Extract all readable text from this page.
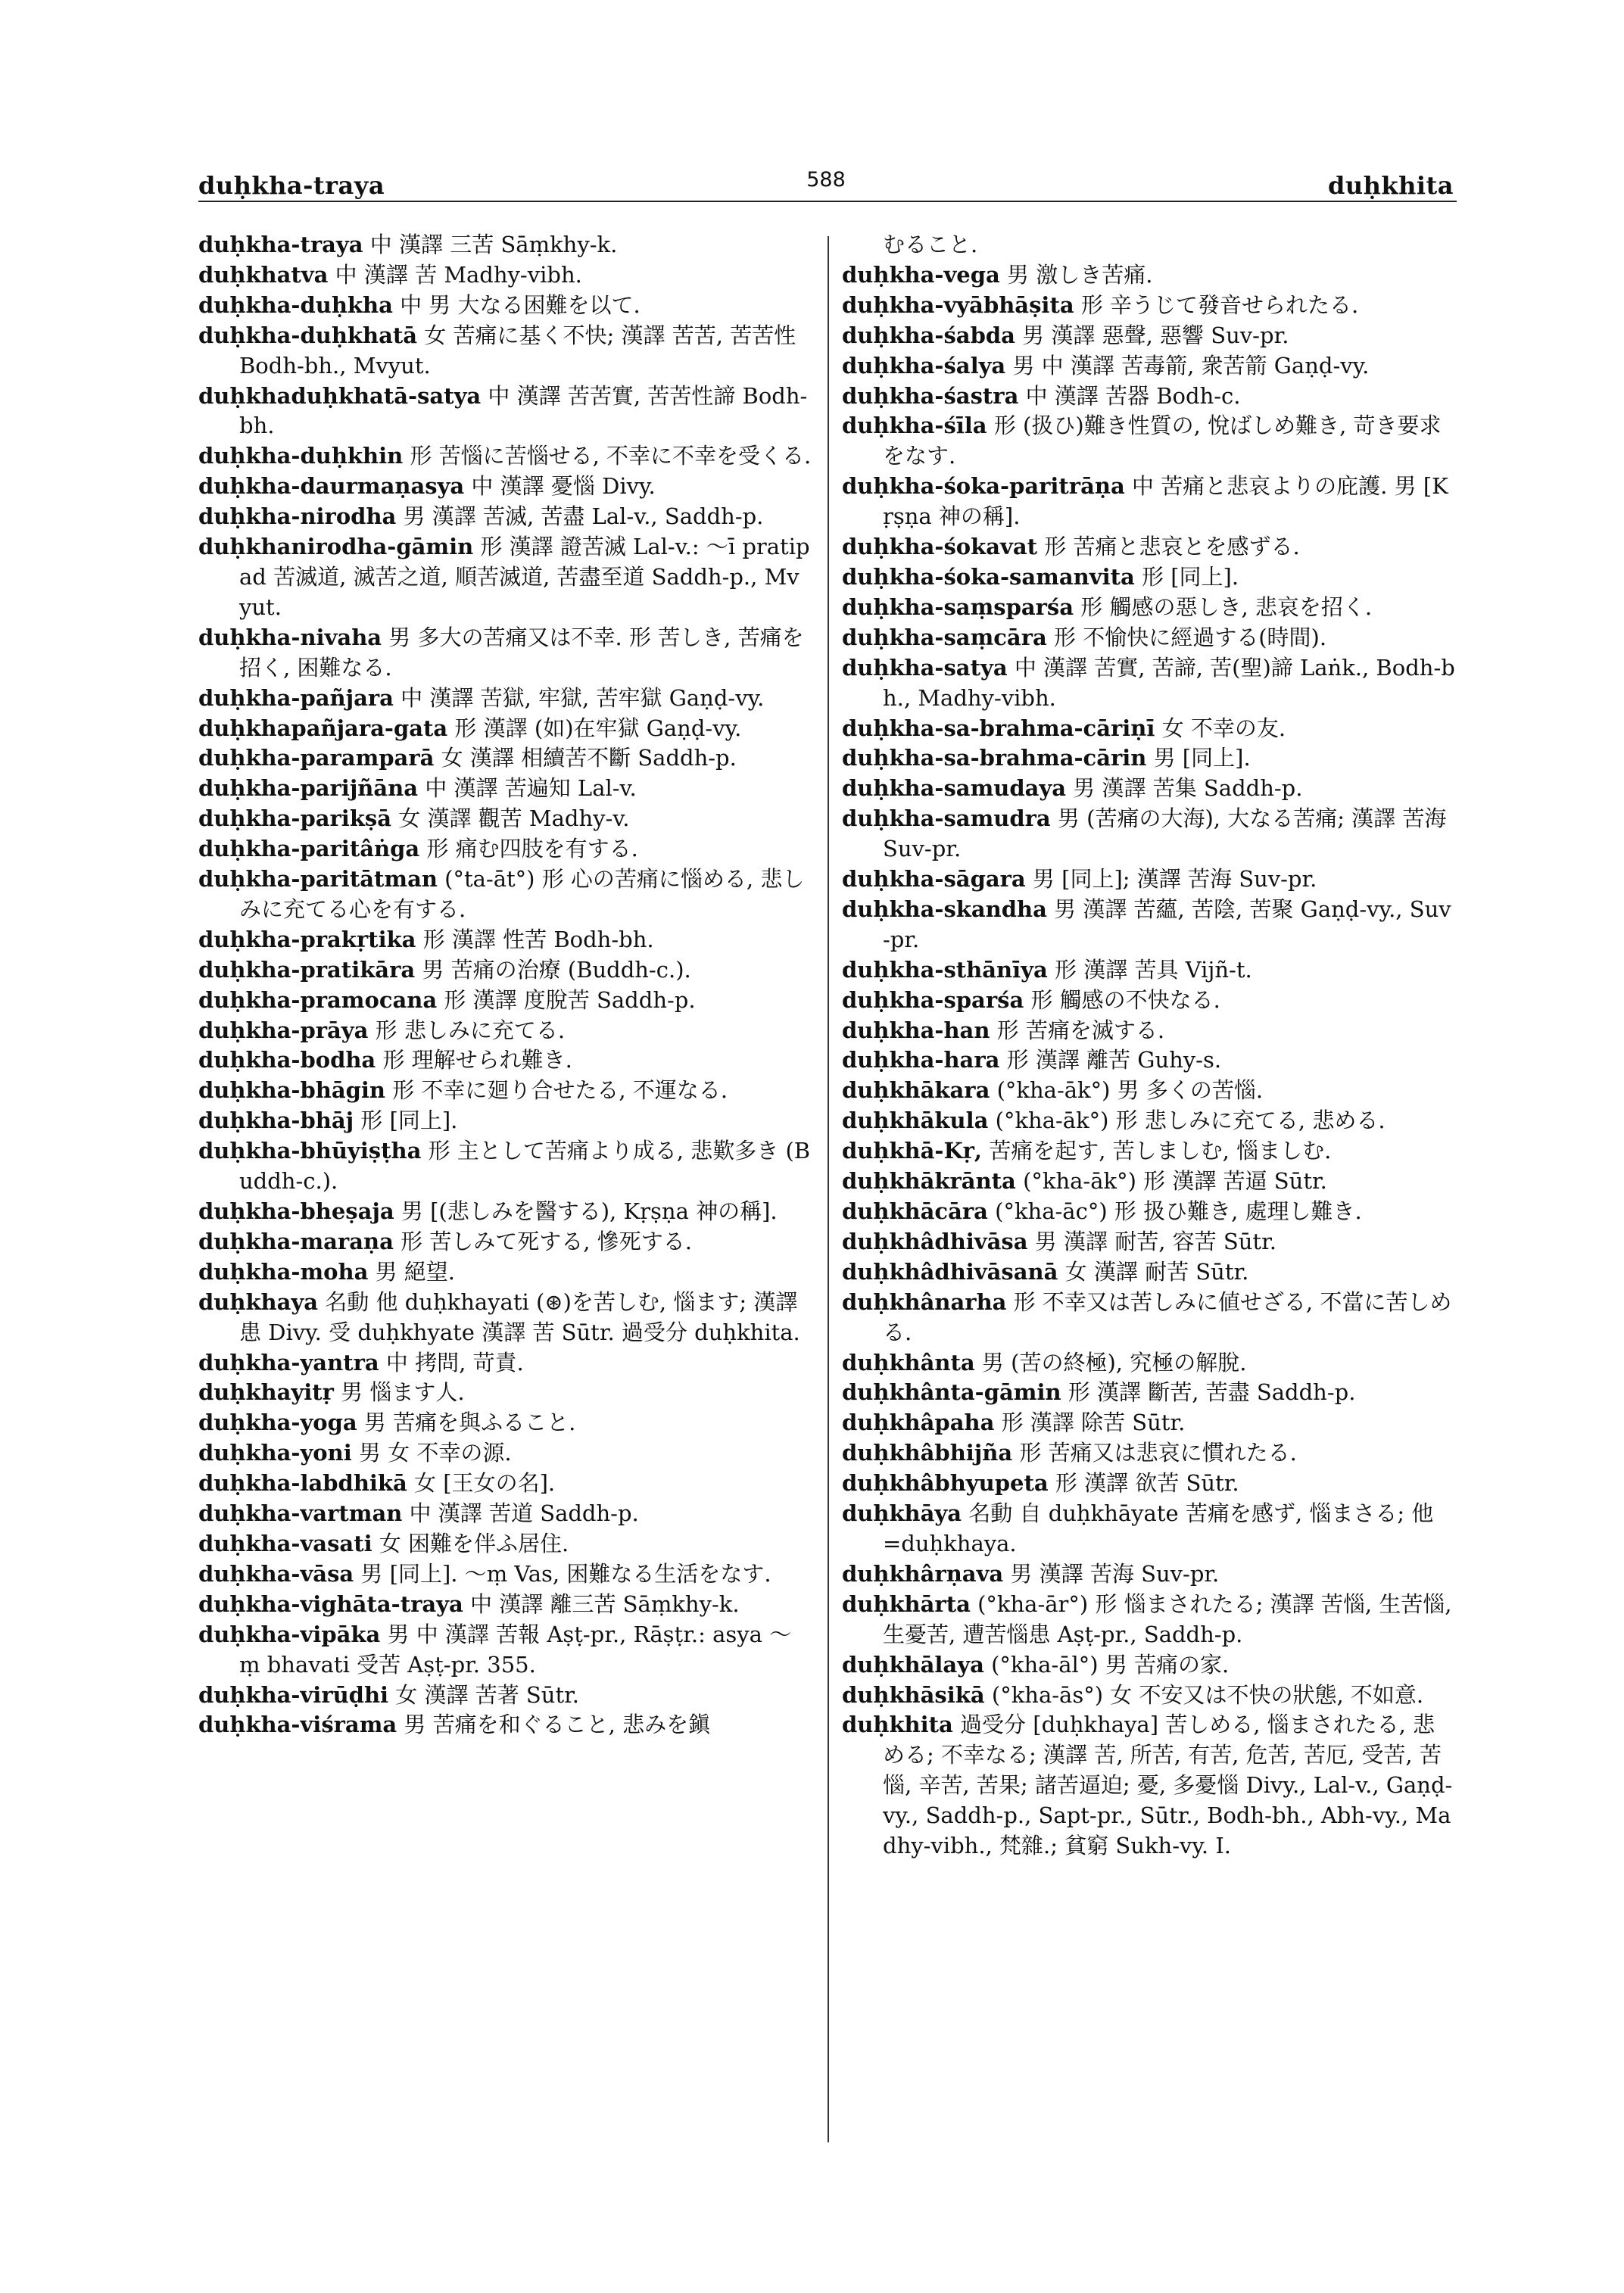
duḥkha-traya	588	duḥkhita

duḥkha-traya 中 漢譯 三苦 Sāṃkhy-k.

duḥkhatva 中 漢譯 苦 Madhy-vibh.

duḥkha-duḥkha 中 男 大なる困難を以て.

duḥkha-duḥkhatā 女 苦痛に基く不快; 漢譯 苦苦, 苦苦性 Bodh-bh., Mvyut.

duḥkhaduḥkhatā-satya 中 漢譯 苦苦實, 苦苦性諦 Bodh-bh.

duḥkha-duḥkhin 形 苦惱に苦惱せる, 不幸に不幸を受くる.

duḥkha-daurmaṇasya 中 漢譯 憂惱 Divy.

duḥkha-nirodha 男 漢譯 苦滅, 苦盡 Lal-v., Saddh-p.

duḥkhanirodha-gāmin 形 漢譯 證苦滅 Lal-v.: ～ī pratipad 苦滅道, 滅苦之道, 順苦滅道, 苦盡至道 Saddh-p., Mvyut.

duḥkha-nivaha 男 多大の苦痛又は不幸. 形 苦しき, 苦痛を招く, 困難なる.

duḥkha-pañjara 中 漢譯 苦獄, 牢獄, 苦牢獄 Gaṇḍ-vy.

duḥkhapañjara-gata 形 漢譯 (如)在牢獄 Gaṇḍ-vy.

duḥkha-paramparā 女 漢譯 相續苦不斷 Saddh-p.

duḥkha-parijñāna 中 漢譯 苦遍知 Lal-v.

duḥkha-parikṣā 女 漢譯 觀苦 Madhy-v.

duḥkha-paritâṅga 形 痛む四肢を有する.

duḥkha-paritātman (°ta-āt°) 形 心の苦痛に惱める, 悲しみに充てる心を有する.

duḥkha-prakṛtika 形 漢譯 性苦 Bodh-bh.

duḥkha-pratikāra 男 苦痛の治療 (Buddh-c.).

duḥkha-pramocana 形 漢譯 度脫苦 Saddh-p.

duḥkha-prāya 形 悲しみに充てる.

duḥkha-bodha 形 理解せられ難き.

duḥkha-bhāgin 形 不幸に廻り合せたる, 不運なる.

duḥkha-bhāj 形 [同上].

duḥkha-bhūyiṣṭha 形 主として苦痛より成る, 悲歎多き (Buddh-c.).

duḥkha-bheṣaja 男 [(悲しみを醫する), Kṛṣṇa 神の稱].

duḥkha-maraṇa 形 苦しみて死する, 慘死する.

duḥkha-moha 男 絕望.

duḥkhaya 名動 他 duḥkhayati (⊛)を苦しむ, 惱ます; 漢譯 患 Divy. 受 duḥkhyate 漢譯 苦 Sūtr. 過受分 duḥkhita.

duḥkha-yantra 中 拷問, 苛責.

duḥkhayitṛ 男 惱ます人.

duḥkha-yoga 男 苦痛を與ふること.

duḥkha-yoni 男 女 不幸の源.

duḥkha-labdhikā 女 [王女の名].

duḥkha-vartman 中 漢譯 苦道 Saddh-p.

duḥkha-vasati 女 困難を伴ふ居住.

duḥkha-vāsa 男 [同上]. ～ṃ Vas, 困難なる生活をなす.

duḥkha-vighāta-traya 中 漢譯 離三苦 Sāṃkhy-k.

duḥkha-vipāka 男 中 漢譯 苦報 Aṣṭ-pr., Rāṣṭr.: asya ～ṃ bhavati 受苦 Aṣṭ-pr. 355.

duḥkha-virūḍhi 女 漢譯 苦著 Sūtr.

duḥkha-viśrama 男 苦痛を和ぐること, 悲みを鎭

むること.

duḥkha-vega 男 激しき苦痛.

duḥkha-vyābhāṣita 形 辛うじて發音せられたる.

duḥkha-śabda 男 漢譯 惡聲, 惡響 Suv-pr.

duḥkha-śalya 男 中 漢譯 苦毒箭, 衆苦箭 Gaṇḍ-vy.

duḥkha-śastra 中 漢譯 苦器 Bodh-c.

duḥkha-śīla 形 (扱ひ)難き性質の, 悅ばしめ難き, 苛き要求をなす.

duḥkha-śoka-paritrāṇa 中 苦痛と悲哀よりの庇護. 男 [Kṛṣṇa 神の稱].

duḥkha-śokavat 形 苦痛と悲哀とを感ずる.

duḥkha-śoka-samanvita 形 [同上].

duḥkha-saṃsparśa 形 觸感の惡しき, 悲哀を招く.

duḥkha-saṃcāra 形 不愉快に經過する(時間).

duḥkha-satya 中 漢譯 苦實, 苦諦, 苦(聖)諦 Laṅk., Bodh-bh., Madhy-vibh.

duḥkha-sa-brahma-cāriṇī 女 不幸の友.

duḥkha-sa-brahma-cārin 男 [同上].

duḥkha-samudaya 男 漢譯 苦集 Saddh-p.

duḥkha-samudra 男 (苦痛の大海), 大なる苦痛; 漢譯 苦海 Suv-pr.

duḥkha-sāgara 男 [同上]; 漢譯 苦海 Suv-pr.

duḥkha-skandha 男 漢譯 苦蘊, 苦陰, 苦聚 Gaṇḍ-vy., Suv-pr.

duḥkha-sthānīya 形 漢譯 苦具 Vijñ-t.

duḥkha-sparśa 形 觸感の不快なる.

duḥkha-han 形 苦痛を滅する.

duḥkha-hara 形 漢譯 離苦 Guhy-s.

duḥkhākara (°kha-āk°) 男 多くの苦惱.

duḥkhākula (°kha-āk°) 形 悲しみに充てる, 悲める.

duḥkhā-Kṛ, 苦痛を起す, 苦しましむ, 惱ましむ.

duḥkhākrānta (°kha-āk°) 形 漢譯 苦逼 Sūtr.

duḥkhācāra (°kha-āc°) 形 扱ひ難き, 處理し難き.

duḥkhâdhivāsa 男 漢譯 耐苦, 容苦 Sūtr.

duḥkhâdhivāsanā 女 漢譯 耐苦 Sūtr.

duḥkhânarha 形 不幸又は苦しみに値せざる, 不當に苦しめる.

duḥkhânta 男 (苦の終極), 究極の解脫.

duḥkhânta-gāmin 形 漢譯 斷苦, 苦盡 Saddh-p.

duḥkhâpaha 形 漢譯 除苦 Sūtr.

duḥkhâbhijña 形 苦痛又は悲哀に慣れたる.

duḥkhâbhyupeta 形 漢譯 欲苦 Sūtr.

duḥkhāya 名動 自 duḥkhāyate 苦痛を感ず, 惱まさる; 他 =duḥkhaya.

duḥkhârṇava 男 漢譯 苦海 Suv-pr.

duḥkhārta (°kha-ār°) 形 惱まされたる; 漢譯 苦惱, 生苦惱, 生憂苦, 遭苦惱患 Aṣṭ-pr., Saddh-p.

duḥkhālaya (°kha-āl°) 男 苦痛の家.

duḥkhāsikā (°kha-ās°) 女 不安又は不快の狀態, 不如意.

duḥkhita 過受分 [duḥkhaya] 苦しめる, 惱まされたる, 悲める; 不幸なる; 漢譯 苦, 所苦, 有苦, 危苦, 苦厄, 受苦, 苦惱, 辛苦, 苦果; 諸苦逼迫; 憂, 多憂惱 Divy., Lal-v., Gaṇḍ-vy., Saddh-p., Sapt-pr., Sūtr., Bodh-bh., Abh-vy., Madhy-vibh., 梵雜.; 貧窮 Sukh-vy. I.
